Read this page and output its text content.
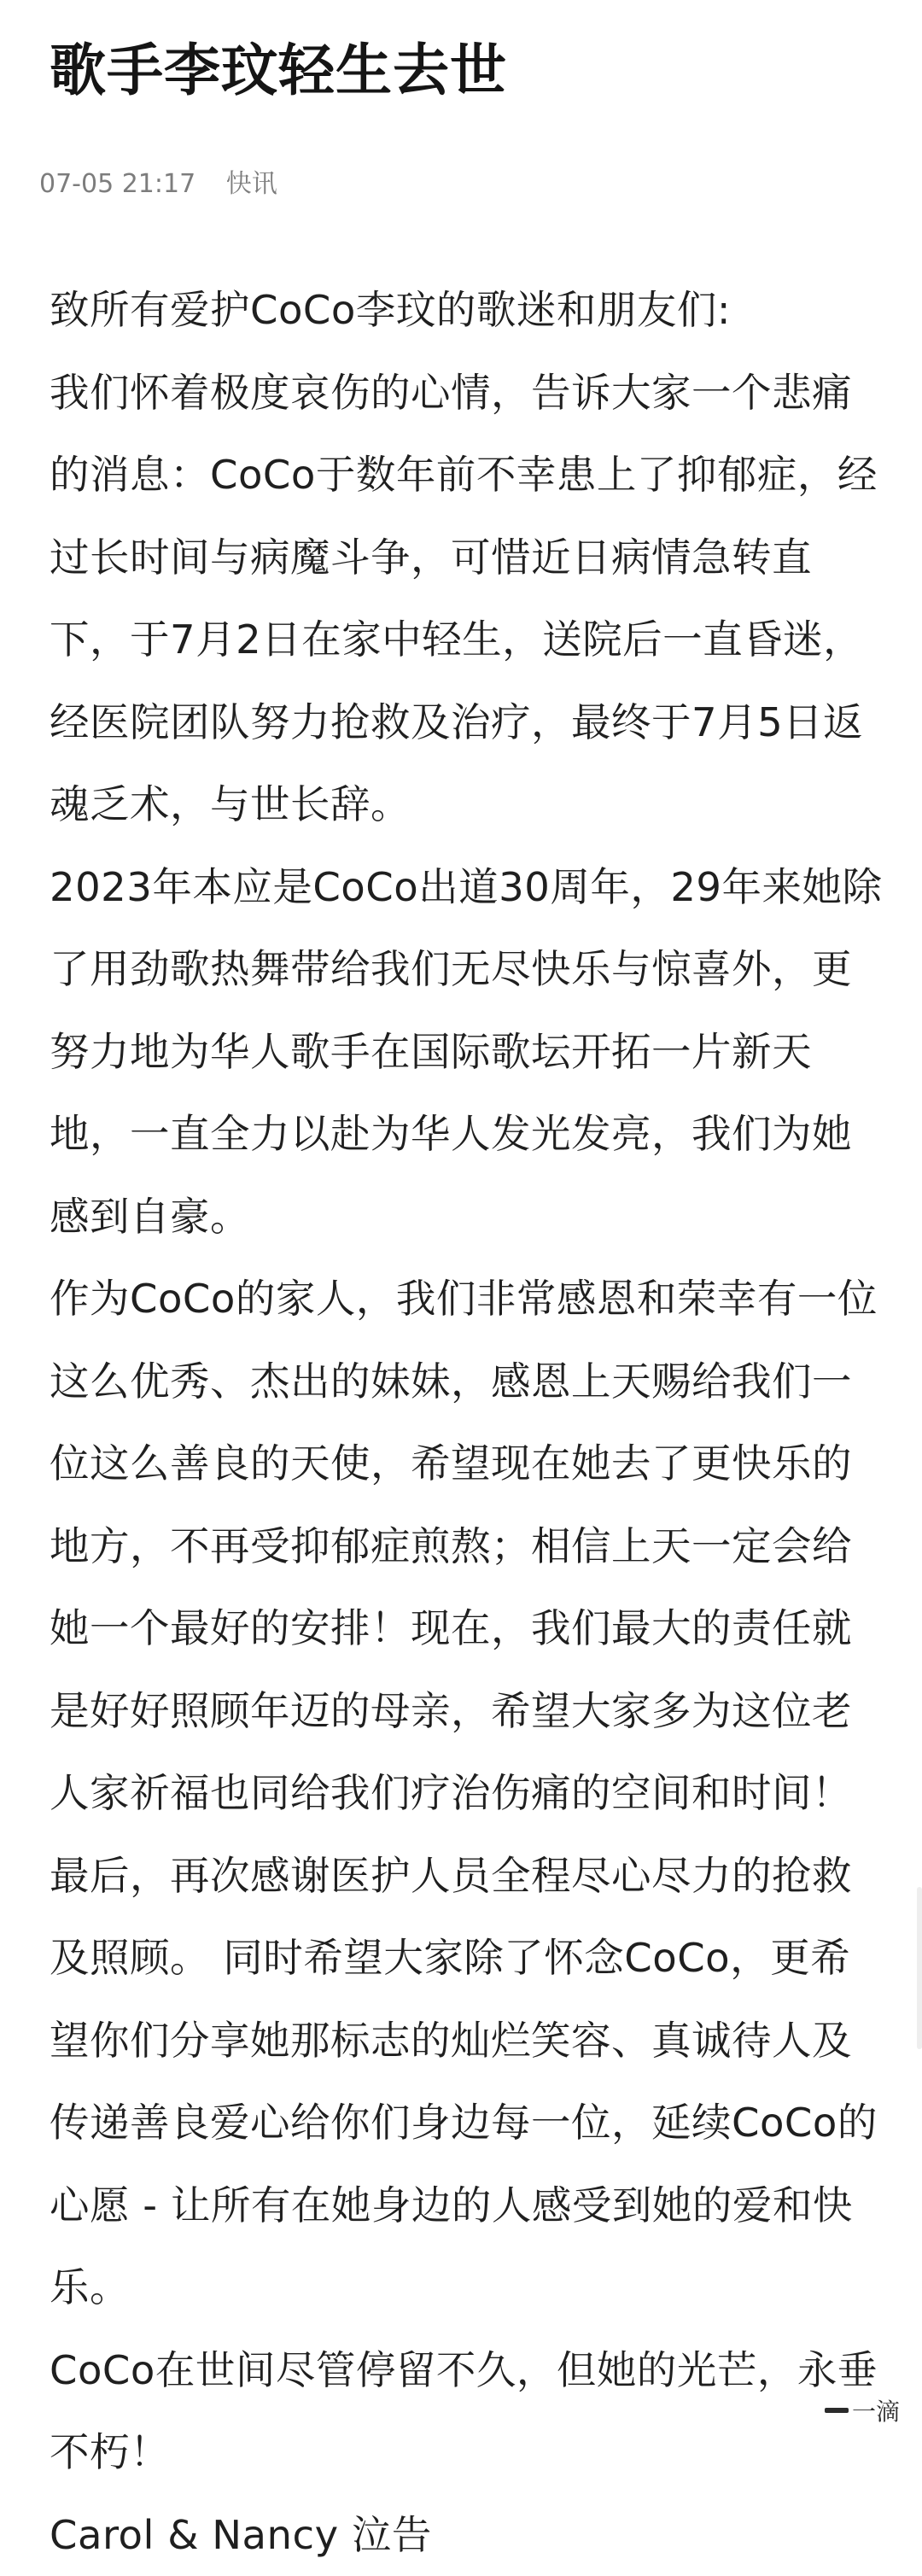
歌手李玟轻生去世
07-05 21:17 快讯

致所有爱护CoCo李玟的歌迷和朋友们:

我们怀着极度哀伤的心情，告诉大家一个悲痛的消息：CoCo于数年前不幸患上了抑郁症，经过长时间与病魔斗争，可惜近日病情急转直下，于7月2日在家中轻生，送院后一直昏迷，经医院团队努力抢救及治疗，最终于7月5日返魂乏术，与世长辞。

2023年本应是CoCo出道30周年，29年来她除了用劲歌热舞带给我们无尽快乐与惊喜外，更努力地为华人歌手在国际歌坛开拓一片新天地，一直全力以赴为华人发光发亮，我们为她感到自豪。

作为CoCo的家人，我们非常感恩和荣幸有一位这么优秀、杰出的妹妹，感恩上天赐给我们一位这么善良的天使，希望现在她去了更快乐的地方，不再受抑郁症煎熬；相信上天一定会给她一个最好的安排！现在，我们最大的责任就是好好照顾年迈的母亲，希望大家多为这位老人家祈福也同给我们疗治伤痛的空间和时间！

最后，再次感谢医护人员全程尽心尽力的抢救及照顾。 同时希望大家除了怀念CoCo，更希望你们分享她那标志的灿烂笑容、真诚待人及传递善良爱心给你们身边每一位，延续CoCo的心愿 - 让所有在她身边的人感受到她的爱和快乐。

CoCo在世间尽管停留不久，但她的光芒，永垂不朽！

Carol & Nancy 泣告

一滴
